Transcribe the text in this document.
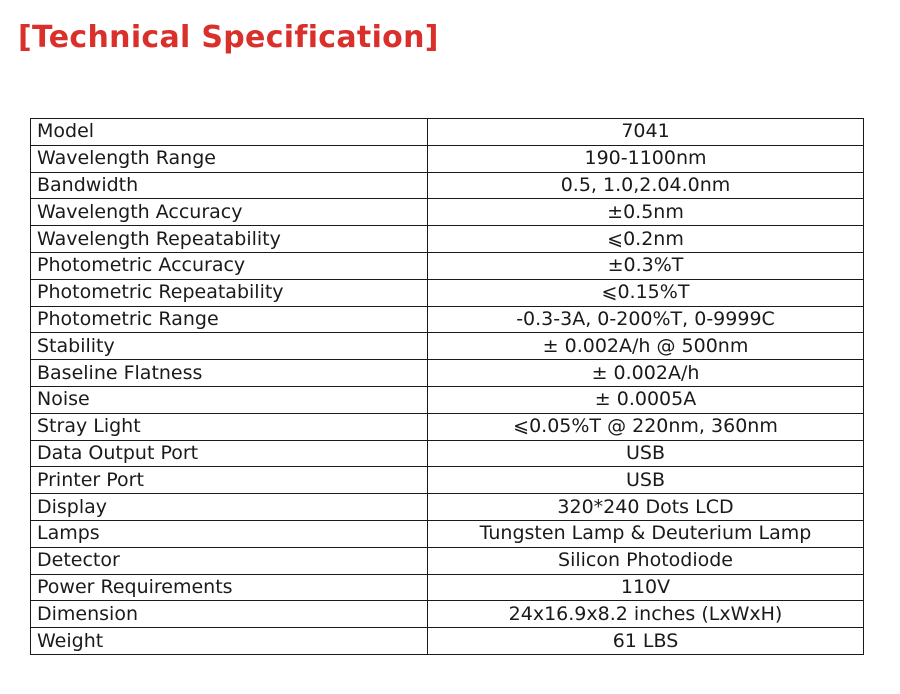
[Technical Specification]
Model	7041
Wavelength Range	190-1100nm
Bandwidth	0.5, 1.0,2.04.0nm
Wavelength Accuracy	±0.5nm
Wavelength Repeatability	⩽0.2nm
Photometric Accuracy	±0.3%T
Photometric Repeatability	⩽0.15%T
Photometric Range	-0.3-3A, 0-200%T, 0-9999C
Stability	± 0.002A/h @ 500nm
Baseline Flatness	± 0.002A/h
Noise	± 0.0005A
Stray Light	⩽0.05%T @ 220nm, 360nm
Data Output Port	USB
Printer Port	USB
Display	320*240 Dots LCD
Lamps	Tungsten Lamp & Deuterium Lamp
Detector	Silicon Photodiode
Power Requirements	110V
Dimension	24x16.9x8.2 inches (LxWxH)
Weight	61 LBS
